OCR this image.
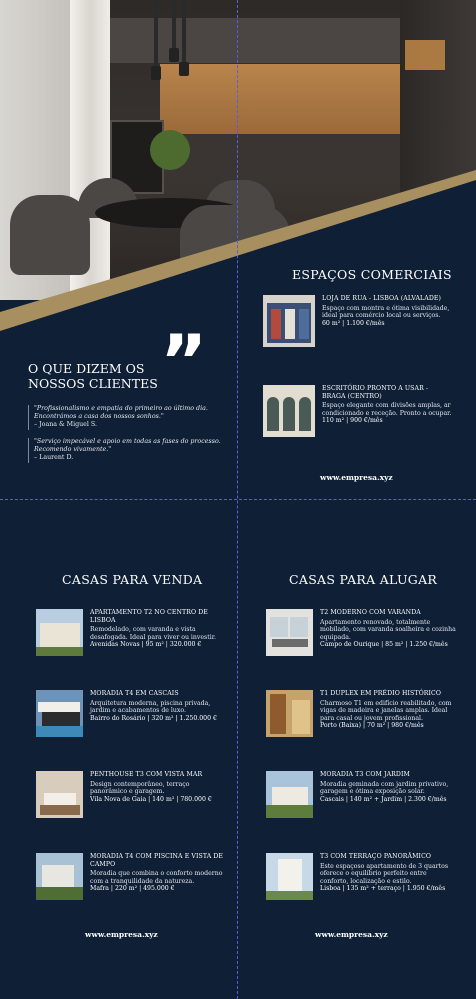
O QUE DIZEM OS
NOSSOS CLIENTES ”
"Profissionalismo e empatia do primeiro ao último dia. Encontrámos a casa dos nossos sonhos."
– Joana & Miguel S.
"Serviço impecável e apoio em todas as fases do processo. Recomendo vivamente."
– Laurent D.
ESPAÇOS COMERCIAIS
LOJA DE RUA - LISBOA (ALVALADE)
Espaço com montra e ótima visibilidade, ideal para comércio local ou serviços.
60 m² | 1.100 €/mês
ESCRITÓRIO PRONTO A USAR - BRAGA (CENTRO)
Espaço elegante com divisões amplas, ar condicionado e receção. Pronto a ocupar.
110 m² | 900 €/mês
www.empresa.xyz
CASAS PARA VENDA
APARTAMENTO T2 NO CENTRO DE LISBOA
Remodelado, com varanda e vista desafogada. Ideal para viver ou investir.
Avenidas Novas | 95 m² | 320.000 €
MORADIA T4 EM CASCAIS
Arquitetura moderna, piscina privada, jardim e acabamentos de luxo.
Bairro do Rosário | 320 m² | 1.250.000 €
PENTHOUSE T3 COM VISTA MAR
Design contemporâneo, terraço panorâmico e garagem.
Vila Nova de Gaia | 140 m² | 780.000 €
MORADIA T4 COM PISCINA E VISTA DE CAMPO
Moradia que combina o conforto moderno com a tranquilidade da natureza.
Mafra | 220 m² | 495.000 €
www.empresa.xyz
CASAS PARA ALUGAR
T2 MODERNO COM VARANDA
Apartamento renovado, totalmente mobilado, com varanda soalheira e cozinha equipada.
Campo de Ourique | 85 m² | 1.250 €/mês
T1 DUPLEX EM PRÉDIO HISTÓRICO
Charmoso T1 em edifício reabilitado, com vigas de madeira e janelas amplas. Ideal para casal ou jovem profissional.
Porto (Baixa) | 70 m² | 980 €/mês
MORADIA T3 COM JARDIM
Moradia geminada com jardim privativo, garagem e ótima exposição solar.
Cascais | 140 m² + Jardim | 2.300 €/mês
T3 COM TERRAÇO PANORÂMICO
Este espaçoso apartamento de 3 quartos oferece o equilíbrio perfeito entre conforto, localização e estilo.
Lisboa | 135 m² + terraço | 1.950 €/mês
www.empresa.xyz
